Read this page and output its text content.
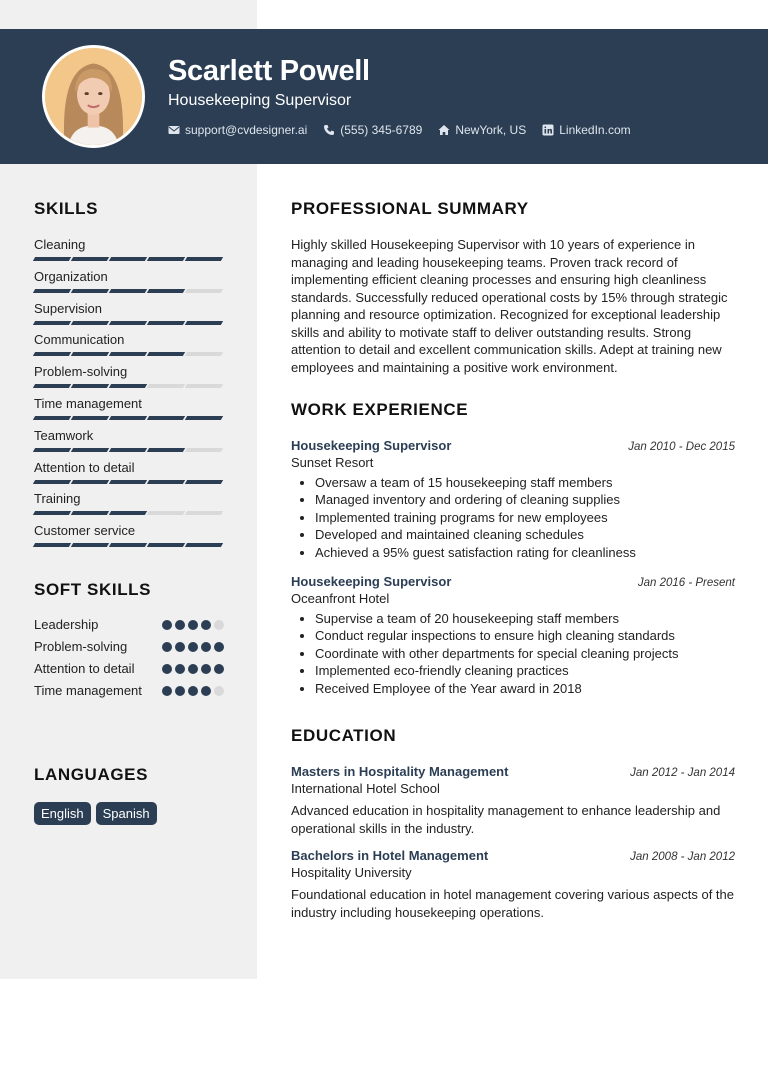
Scarlett Powell
Housekeeping Supervisor
support@cvdesigner.ai	(555) 345-6789	NewYork, US	LinkedIn.com
SKILLS
Cleaning
Organization
Supervision
Communication
Problem-solving
Time management
Teamwork
Attention to detail
Training
Customer service
SOFT SKILLS
Leadership
Problem-solving
Attention to detail
Time management
LANGUAGES
English	Spanish
PROFESSIONAL SUMMARY
Highly skilled Housekeeping Supervisor with 10 years of experience in managing and leading housekeeping teams. Proven track record of implementing efficient cleaning processes and ensuring high cleanliness standards. Successfully reduced operational costs by 15% through strategic planning and resource optimization. Recognized for exceptional leadership skills and ability to motivate staff to deliver outstanding results. Strong attention to detail and excellent communication skills. Adept at training new employees and maintaining a positive work environment.
WORK EXPERIENCE
Housekeeping Supervisor	Jan 2010 - Dec 2015
Sunset Resort
• Oversaw a team of 15 housekeeping staff members
• Managed inventory and ordering of cleaning supplies
• Implemented training programs for new employees
• Developed and maintained cleaning schedules
• Achieved a 95% guest satisfaction rating for cleanliness
Housekeeping Supervisor	Jan 2016 - Present
Oceanfront Hotel
• Supervise a team of 20 housekeeping staff members
• Conduct regular inspections to ensure high cleaning standards
• Coordinate with other departments for special cleaning projects
• Implemented eco-friendly cleaning practices
• Received Employee of the Year award in 2018
EDUCATION
Masters in Hospitality Management	Jan 2012 - Jan 2014
International Hotel School
Advanced education in hospitality management to enhance leadership and operational skills in the industry.
Bachelors in Hotel Management	Jan 2008 - Jan 2012
Hospitality University
Foundational education in hotel management covering various aspects of the industry including housekeeping operations.
